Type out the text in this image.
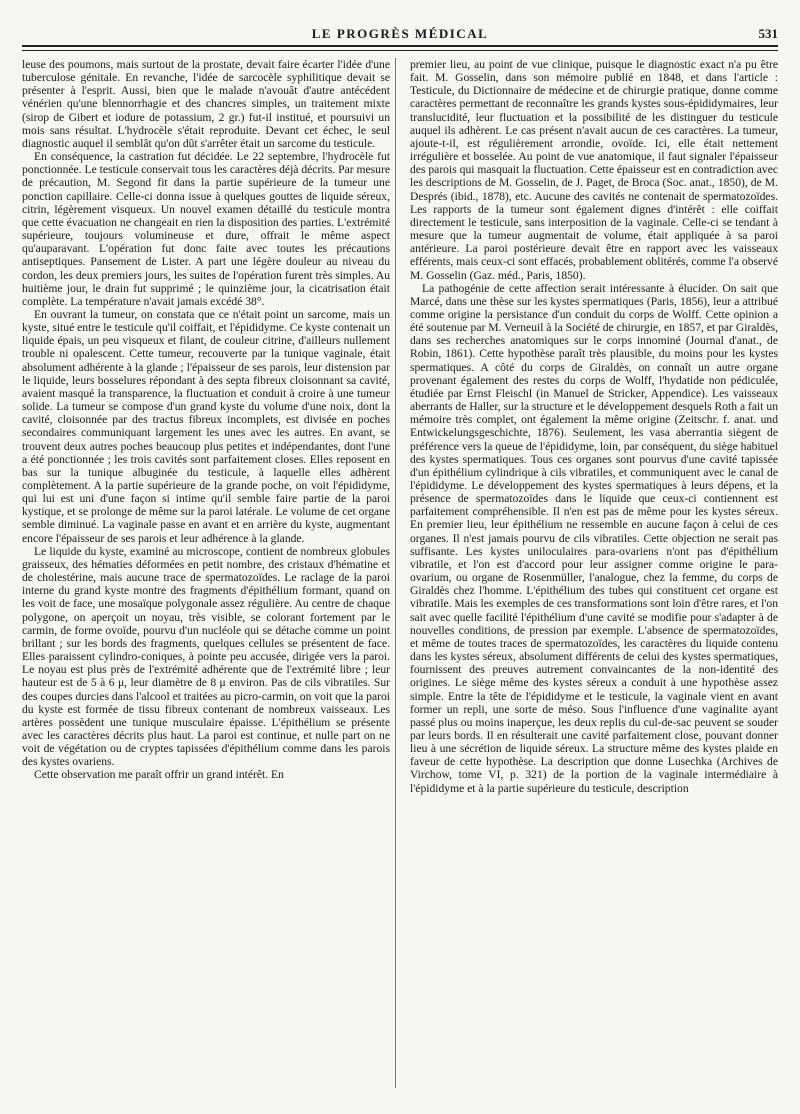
LE PROGRÈS MÉDICAL	531

leuse des poumons, mais surtout de la prostate, devait faire écarter l'idée d'une tuberculose génitale. En revanche, l'idée de sarcocèle syphilitique devait se présenter à l'esprit. Aussi, bien que le malade n'avouât d'autre antécédent vénérien qu'une blennorrhagie et des chancres simples, un traitement mixte (sirop de Gibert et iodure de potassium, 2 gr.) fut-il institué, et poursuivi un mois sans résultat. L'hydrocèle s'était reproduite. Devant cet échec, le seul diagnostic auquel il semblât qu'on dût s'arrêter était un sarcome du testicule.

En conséquence, la castration fut décidée. Le 22 septembre, l'hydrocèle fut ponctionnée. Le testicule conservait tous les caractères déjà décrits. Par mesure de précaution, M. Segond fit dans la partie supérieure de la tumeur une ponction capillaire. Celle-ci donna issue à quelques gouttes de liquide séreux, citrin, légèrement visqueux. Un nouvel examen détaillé du testicule montra que cette évacuation ne changeait en rien la disposition des parties. L'extrémité supérieure, toujours volumineuse et dure, offrait le même aspect qu'auparavant. L'opération fut donc faite avec toutes les précautions antiseptiques. Pansement de Lister. A part une légère douleur au niveau du cordon, les deux premiers jours, les suites de l'opération furent très simples. Au huitième jour, le drain fut supprimé ; le quinzième jour, la cicatrisation était complète. La température n'avait jamais excédé 38°.

En ouvrant la tumeur, on constata que ce n'était point un sarcome, mais un kyste, situé entre le testicule qu'il coiffait, et l'épididyme. Ce kyste contenait un liquide épais, un peu visqueux et filant, de couleur citrine, d'ailleurs nullement trouble ni opalescent. Cette tumeur, recouverte par la tunique vaginale, était absolument adhérente à la glande ; l'épaisseur de ses parois, leur distension par le liquide, leurs bosselures répondant à des septa fibreux cloisonnant sa cavité, avaient masqué la transparence, la fluctuation et conduit à croire à une tumeur solide. La tumeur se compose d'un grand kyste du volume d'une noix, dont la cavité, cloisonnée par des tractus fibreux incomplets, est divisée en poches secondaires communiquant largement les unes avec les autres. En avant, se trouvent deux autres poches beaucoup plus petites et indépendantes, dont l'une a été ponctionnée ; les trois cavités sont parfaitement closes. Elles reposent en bas sur la tunique albuginée du testicule, à laquelle elles adhèrent complètement. A la partie supérieure de la grande poche, on voit l'épididyme, qui lui est uni d'une façon si intime qu'il semble faire partie de la paroi kystique, et se prolonge de même sur la paroi latérale. Le volume de cet organe semble diminué. La vaginale passe en avant et en arrière du kyste, augmentant encore l'épaisseur de ses parois et leur adhérence à la glande.

Le liquide du kyste, examiné au microscope, contient de nombreux globules graisseux, des hématies déformées en petit nombre, des cristaux d'hématine et de cholestérine, mais aucune trace de spermatozoïdes. Le raclage de la paroi interne du grand kyste montre des fragments d'épithélium formant, quand on les voit de face, une mosaïque polygonale assez régulière. Au centre de chaque polygone, on aperçoit un noyau, très visible, se colorant fortement par le carmin, de forme ovoïde, pourvu d'un nucléole qui se détache comme un point brillant ; sur les bords des fragments, quelques cellules se présentent de face. Elles paraissent cylindro-coniques, à pointe peu accusée, dirigée vers la paroi. Le noyau est plus près de l'extrémité adhérente que de l'extrémité libre ; leur hauteur est de 5 à 6 μ, leur diamètre de 8 μ environ. Pas de cils vibratiles. Sur des coupes durcies dans l'alcool et traitées au picro-carmin, on voit que la paroi du kyste est formée de tissu fibreux contenant de nombreux vaisseaux. Les artères possèdent une tunique musculaire épaisse. L'épithélium se présente avec les caractères décrits plus haut. La paroi est continue, et nulle part on ne voit de végétation ou de cryptes tapissées d'épithélium comme dans les parois des kystes ovariens.

Cette observation me paraît offrir un grand intérêt. En

premier lieu, au point de vue clinique, puisque le diagnostic exact n'a pu être fait. M. Gosselin, dans son mémoire publié en 1848, et dans l'article : Testicule, du Dictionnaire de médecine et de chirurgie pratique, donne comme caractères permettant de reconnaître les grands kystes sous-épididymaires, leur translucidité, leur fluctuation et la possibilité de les distinguer du testicule auquel ils adhèrent. Le cas présent n'avait aucun de ces caractères. La tumeur, ajoute-t-il, est régulièrement arrondie, ovoïde. Ici, elle était nettement irrégulière et bosselée. Au point de vue anatomique, il faut signaler l'épaisseur des parois qui masquait la fluctuation. Cette épaisseur est en contradiction avec les descriptions de M. Gosselin, de J. Paget, de Broca (Soc. anat., 1850), de M. Després (ibid., 1878), etc. Aucune des cavités ne contenait de spermatozoïdes. Les rapports de la tumeur sont également dignes d'intérêt : elle coiffait directement le testicule, sans interposition de la vaginale. Celle-ci se tendant à mesure que la tumeur augmentait de volume, était appliquée à sa paroi antérieure. La paroi postérieure devait être en rapport avec les vaisseaux efférents, mais ceux-ci sont effacés, probablement oblitérés, comme l'a observé M. Gosselin (Gaz. méd., Paris, 1850).

La pathogénie de cette affection serait intéressante à élucider. On sait que Marcé, dans une thèse sur les kystes spermatiques (Paris, 1856), leur a attribué comme origine la persistance d'un conduit du corps de Wolff. Cette opinion a été soutenue par M. Verneuil à la Société de chirurgie, en 1857, et par Giraldès, dans ses recherches anatomiques sur le corps innominé (Journal d'anat., de Robin, 1861). Cette hypothèse paraît très plausible, du moins pour les kystes spermatiques. A côté du corps de Giraldès, on connaît un autre organe provenant également des restes du corps de Wolff, l'hydatide non pédiculée, étudiée par Ernst Fleischl (in Manuel de Stricker, Appendice). Les vaisseaux aberrants de Haller, sur la structure et le développement desquels Roth a fait un mémoire très complet, ont également la même origine (Zeitschr. f. anat. und Entwickelungsgeschichte, 1876). Seulement, les vasa aberrantia siègent de préférence vers la queue de l'épididyme, loin, par conséquent, du siège habituel des kystes spermatiques. Tous ces organes sont pourvus d'une cavité tapissée d'un épithélium cylindrique à cils vibratiles, et communiquent avec le canal de l'épididyme. Le développement des kystes spermatiques à leurs dépens, et la présence de spermatozoïdes dans le liquide que ceux-ci contiennent est parfaitement compréhensible. Il n'en est pas de même pour les kystes séreux. En premier lieu, leur épithélium ne ressemble en aucune façon à celui de ces organes. Il n'est jamais pourvu de cils vibratiles. Cette objection ne serait pas suffisante. Les kystes uniloculaires para-ovariens n'ont pas d'épithélium vibratile, et l'on est d'accord pour leur assigner comme origine le para-ovarium, ou organe de Rosenmüller, l'analogue, chez la femme, du corps de Giraldès chez l'homme. L'épithélium des tubes qui constituent cet organe est vibratile. Mais les exemples de ces transformations sont loin d'être rares, et l'on sait avec quelle facilité l'épithélium d'une cavité se modifie pour s'adapter à de nouvelles conditions, de pression par exemple. L'absence de spermatozoïdes, et même de toutes traces de spermatozoïdes, les caractères du liquide contenu dans les kystes séreux, absolument différents de celui des kystes spermatiques, fournissent des preuves autrement convaincantes de la non-identité des origines. Le siège même des kystes séreux a conduit à une hypothèse assez simple. Entre la tête de l'épididyme et le testicule, la vaginale vient en avant former un repli, une sorte de méso. Sous l'influence d'une vaginalite ayant passé plus ou moins inaperçue, les deux replis du cul-de-sac peuvent se souder par leurs bords. Il en résulterait une cavité parfaitement close, pouvant donner lieu à une sécrétion de liquide séreux. La structure même des kystes plaide en faveur de cette hypothèse. La description que donne Lusechka (Archives de Virchow, tome VI, p. 321) de la portion de la vaginale intermédiaire à l'épididyme et à la partie supérieure du testicule, description
